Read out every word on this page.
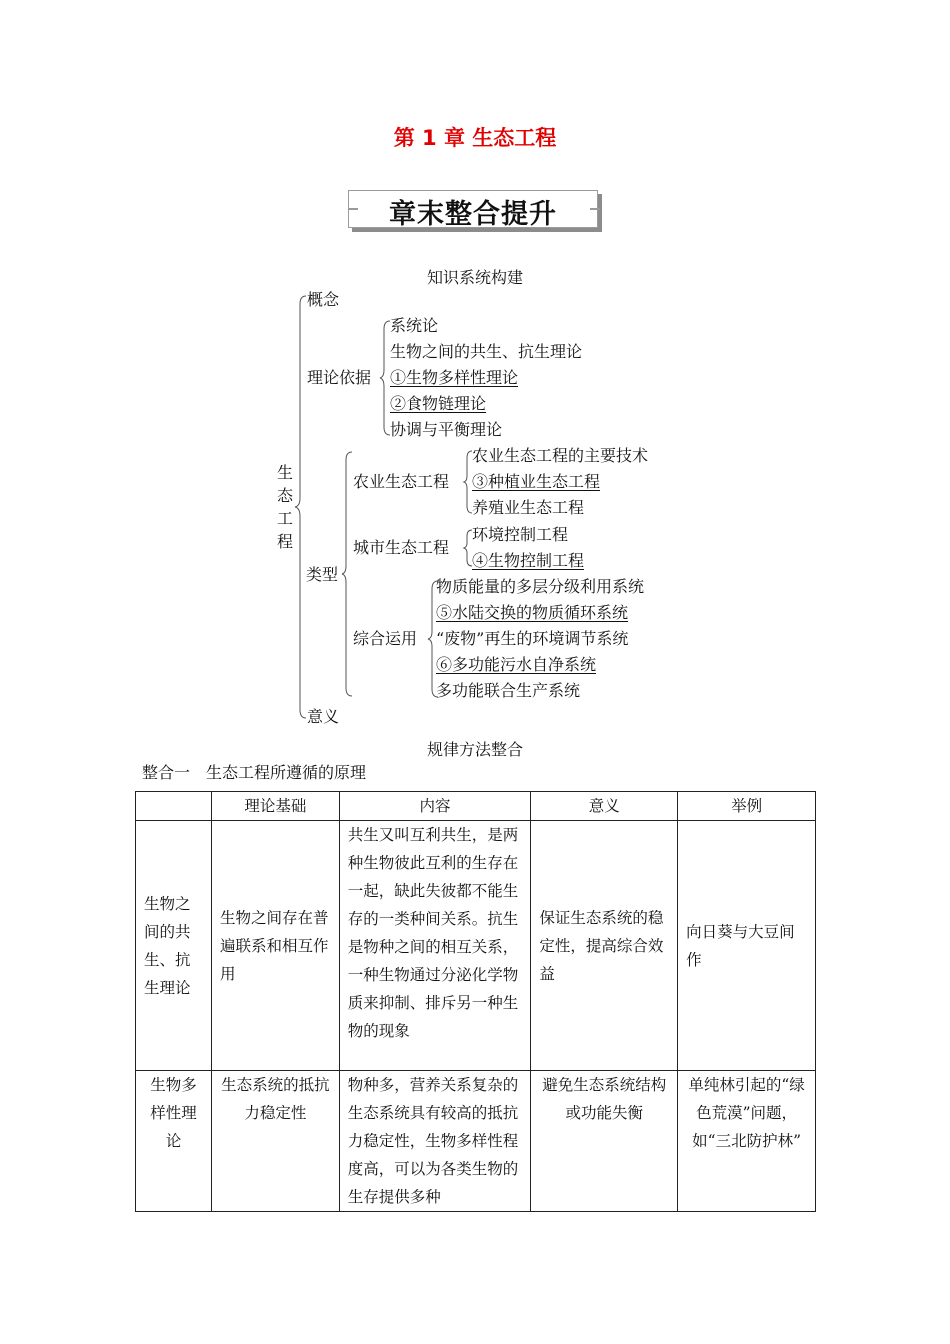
第 1 章 生态工程
章末整合提升
知识系统构建
生态工程
概念
理论依据
系统论
生物之间的共生、抗生理论
①生物多样性理论
②食物链理论
协调与平衡理论
类型
农业生态工程
农业生态工程的主要技术
③种植业生态工程
养殖业生态工程
城市生态工程
环境控制工程
④生物控制工程
综合运用
物质能量的多层分级利用系统
⑤水陆交换的物质循环系统
“废物”再生的环境调节系统
⑥多功能污水自净系统
多功能联合生产系统
意义
规律方法整合
整合一　生态工程所遵循的原理
	理论基础	内容	意义	举例
生物之间的共生、抗生理论	生物之间存在普遍联系和相互作用	共生又叫互利共生，是两种生物彼此互利的生存在一起，缺此失彼都不能生存的一类种间关系。抗生是物种之间的相互关系，一种生物通过分泌化学物质来抑制、排斥另一种生物的现象	保证生态系统的稳定性，提高综合效益	向日葵与大豆间作
生物多样性理论	生态系统的抵抗力稳定性	物种多，营养关系复杂的生态系统具有较高的抵抗力稳定性，生物多样性程度高，可以为各类生物的生存提供多种	避免生态系统结构或功能失衡	单纯林引起的“绿色荒漠”问题，如“三北防护林”
